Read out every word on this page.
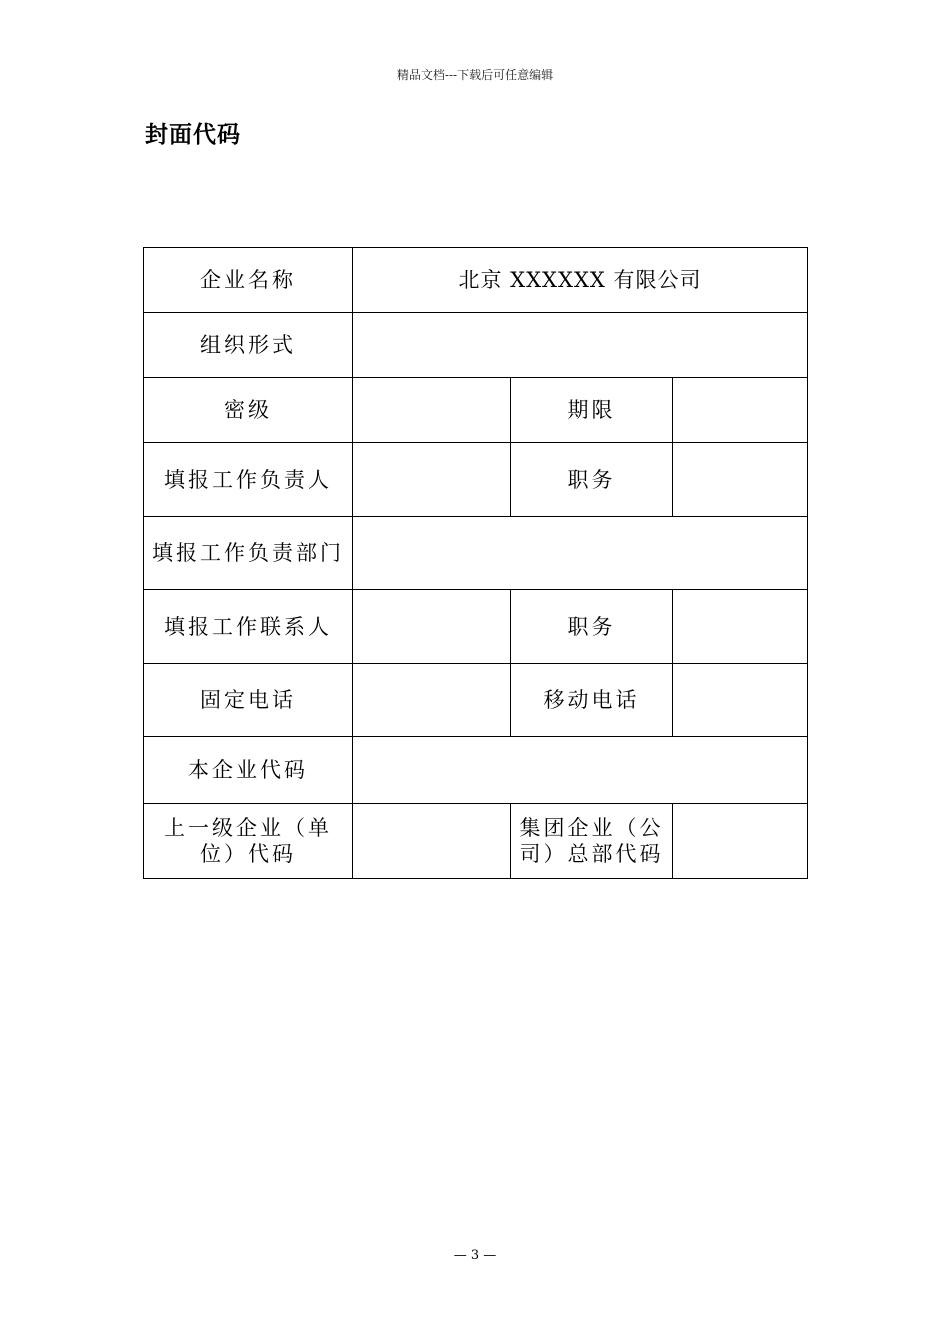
精品文档---下载后可任意编辑
封面代码
企业名称	北京 XXXXXX 有限公司		
组织形式			
密级		期限	
填报工作负责人		职务	
填报工作负责部门			
填报工作联系人		职务	
固定电话		移动电话	
本企业代码			
上一级企业（单位）代码		集团企业（公司）总部代码	
— 3 —
